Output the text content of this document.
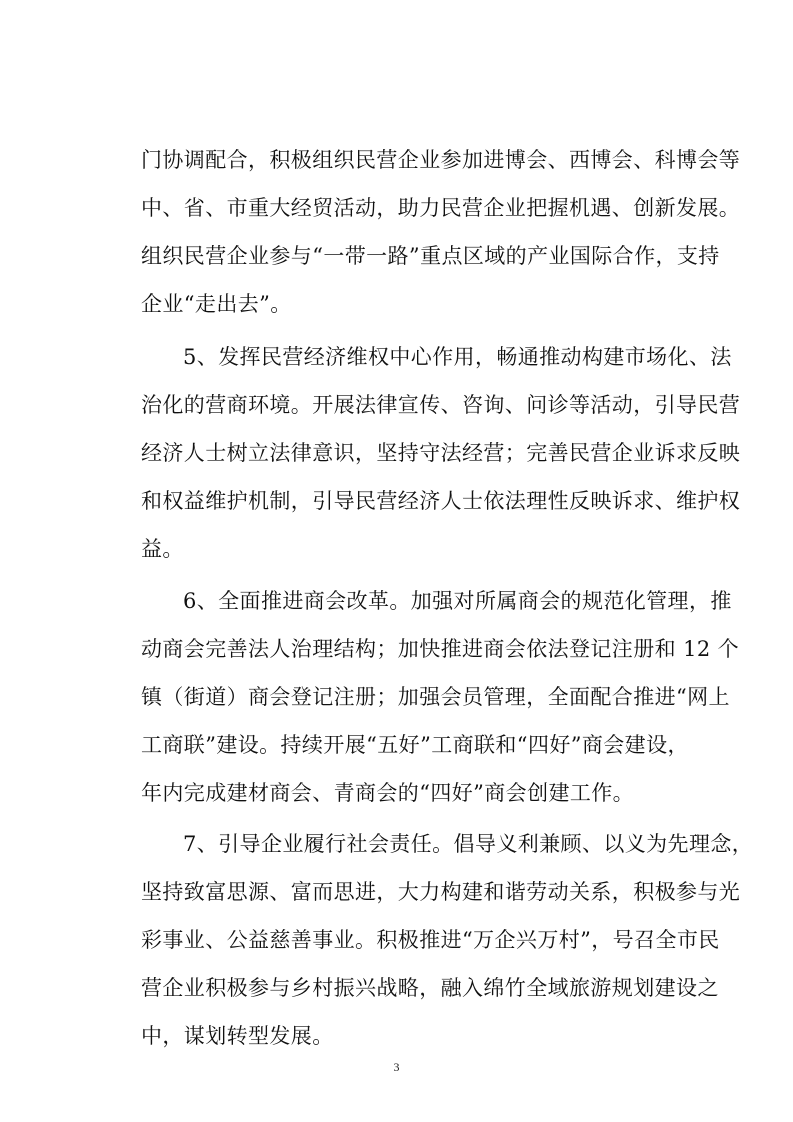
门协调配合，积极组织民营企业参加进博会、西博会、科博会等
中、省、市重大经贸活动，助力民营企业把握机遇、创新发展。
组织民营企业参与“一带一路”重点区域的产业国际合作，支持
企业“走出去”。
5、发挥民营经济维权中心作用，畅通推动构建市场化、法
治化的营商环境。开展法律宣传、咨询、问诊等活动，引导民营
经济人士树立法律意识，坚持守法经营；完善民营企业诉求反映
和权益维护机制，引导民营经济人士依法理性反映诉求、维护权
益。
6、全面推进商会改革。加强对所属商会的规范化管理，推
动商会完善法人治理结构；加快推进商会依法登记注册和 12 个
镇（街道）商会登记注册；加强会员管理，全面配合推进“网上
工商联”建设。持续开展“五好”工商联和“四好”商会建设，
年内完成建材商会、青商会的“四好”商会创建工作。
7、引导企业履行社会责任。倡导义利兼顾、以义为先理念，
坚持致富思源、富而思进，大力构建和谐劳动关系，积极参与光
彩事业、公益慈善事业。积极推进“万企兴万村”，号召全市民
营企业积极参与乡村振兴战略，融入绵竹全域旅游规划建设之
中，谋划转型发展。
3
